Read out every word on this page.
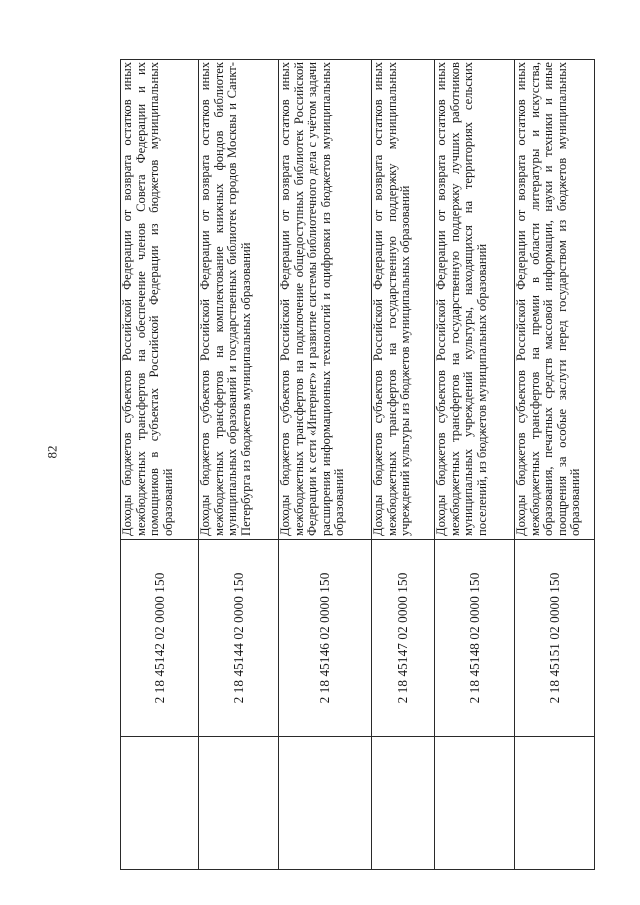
82
	2 18 45142 02 0000 150	Доходы бюджетов субъектов Российской Федерации от возврата остатков иных межбюджетных трансфертов на обеспечение членов Совета Федерации и их помощников в субъектах Российской Федерации из бюджетов муниципальных образований
	2 18 45144 02 0000 150	Доходы бюджетов субъектов Российской Федерации от возврата остатков иных межбюджетных трансфертов на комплектование книжных фондов библиотек муниципальных образований и государственных библиотек городов Москвы и Санкт-Петербурга из бюджетов муниципальных образований
	2 18 45146 02 0000 150	Доходы бюджетов субъектов Российской Федерации от возврата остатков иных межбюджетных трансфертов на подключение общедоступных библиотек Российской Федерации к сети «Интернет» и развитие системы библиотечного дела с учётом задачи расширения информационных технологий и оцифровки из бюджетов муниципальных образований
	2 18 45147 02 0000 150	Доходы бюджетов субъектов Российской Федерации от возврата остатков иных межбюджетных трансфертов на государственную поддержку муниципальных учреждений культуры из бюджетов муниципальных образований
	2 18 45148 02 0000 150	Доходы бюджетов субъектов Российской Федерации от возврата остатков иных межбюджетных трансфертов на государственную поддержку лучших работников муниципальных учреждений культуры, находящихся на территориях сельских поселений, из бюджетов муниципальных образований
	2 18 45151 02 0000 150	Доходы бюджетов субъектов Российской Федерации от возврата остатков иных межбюджетных трансфертов на премии в области литературы и искусства, образования, печатных средств массовой информации, науки и техники и иные поощрения за особые заслуги перед государством из бюджетов муниципальных образований
